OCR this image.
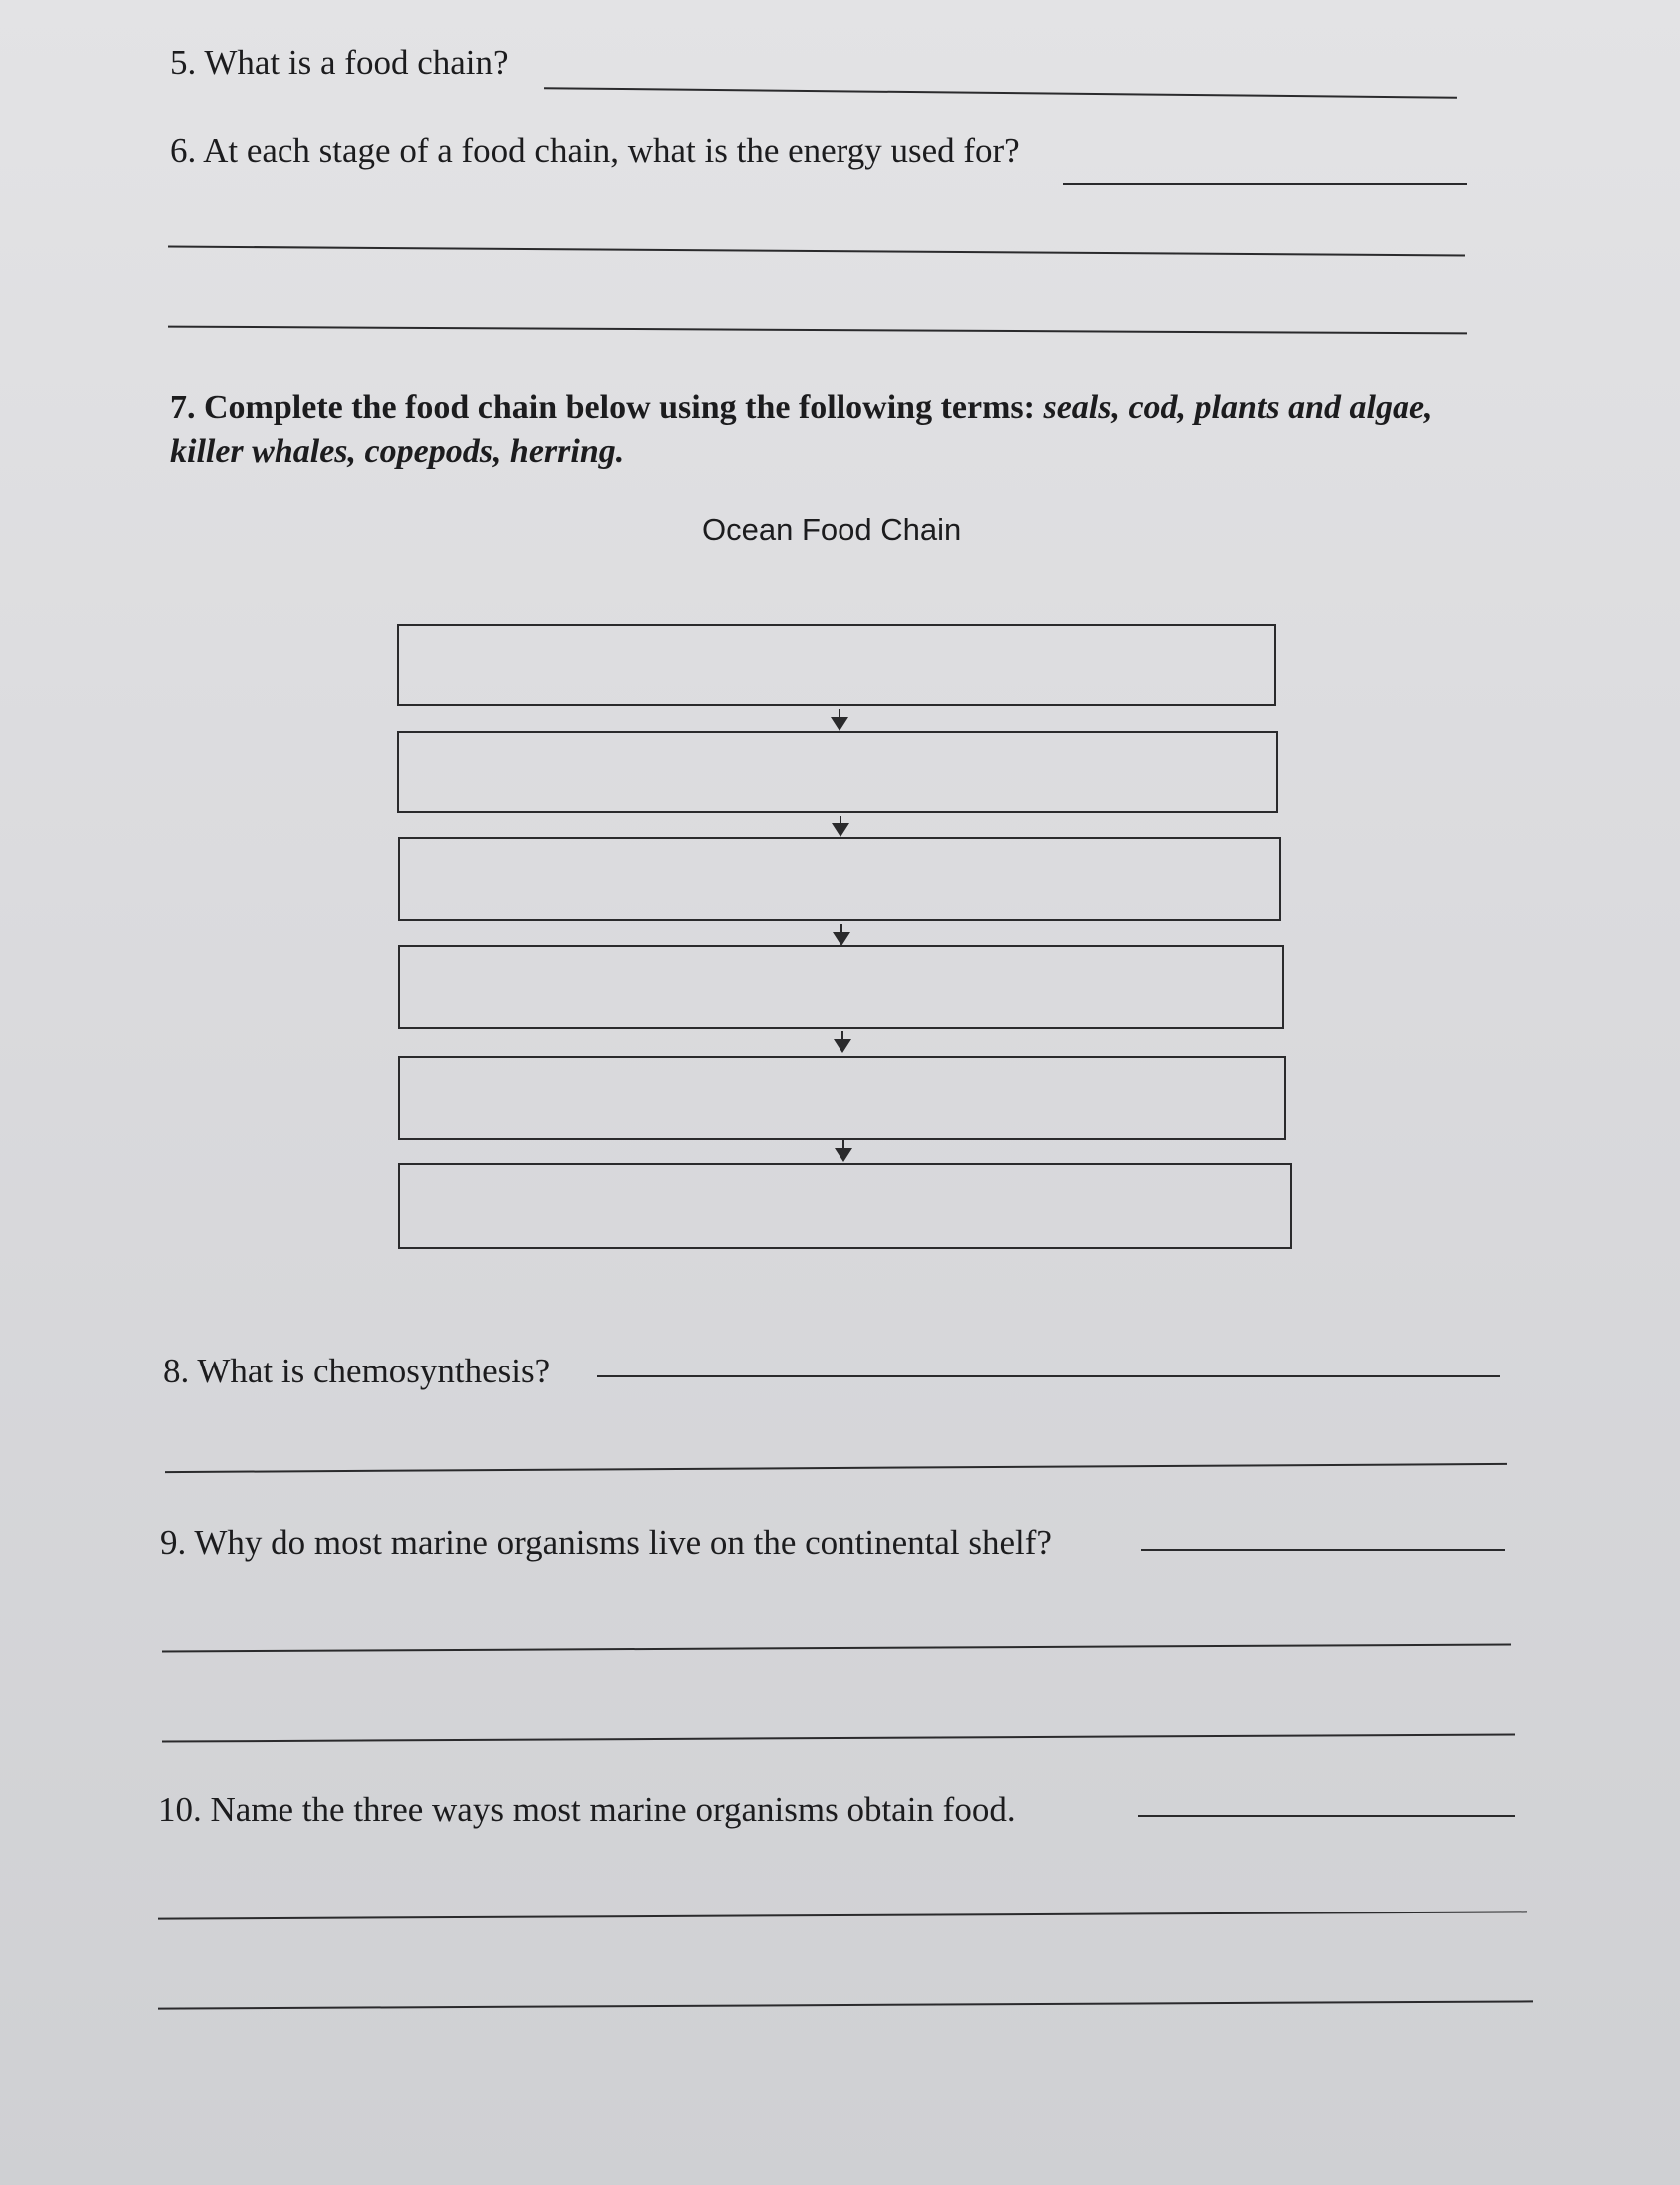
5. What is a food chain?
6. At each stage of a food chain, what is the energy used for?
7. Complete the food chain below using the following terms: seals, cod, plants and algae, killer whales, copepods, herring.
Ocean Food Chain
8. What is chemosynthesis?
9. Why do most marine organisms live on the continental shelf?
10. Name the three ways most marine organisms obtain food.
